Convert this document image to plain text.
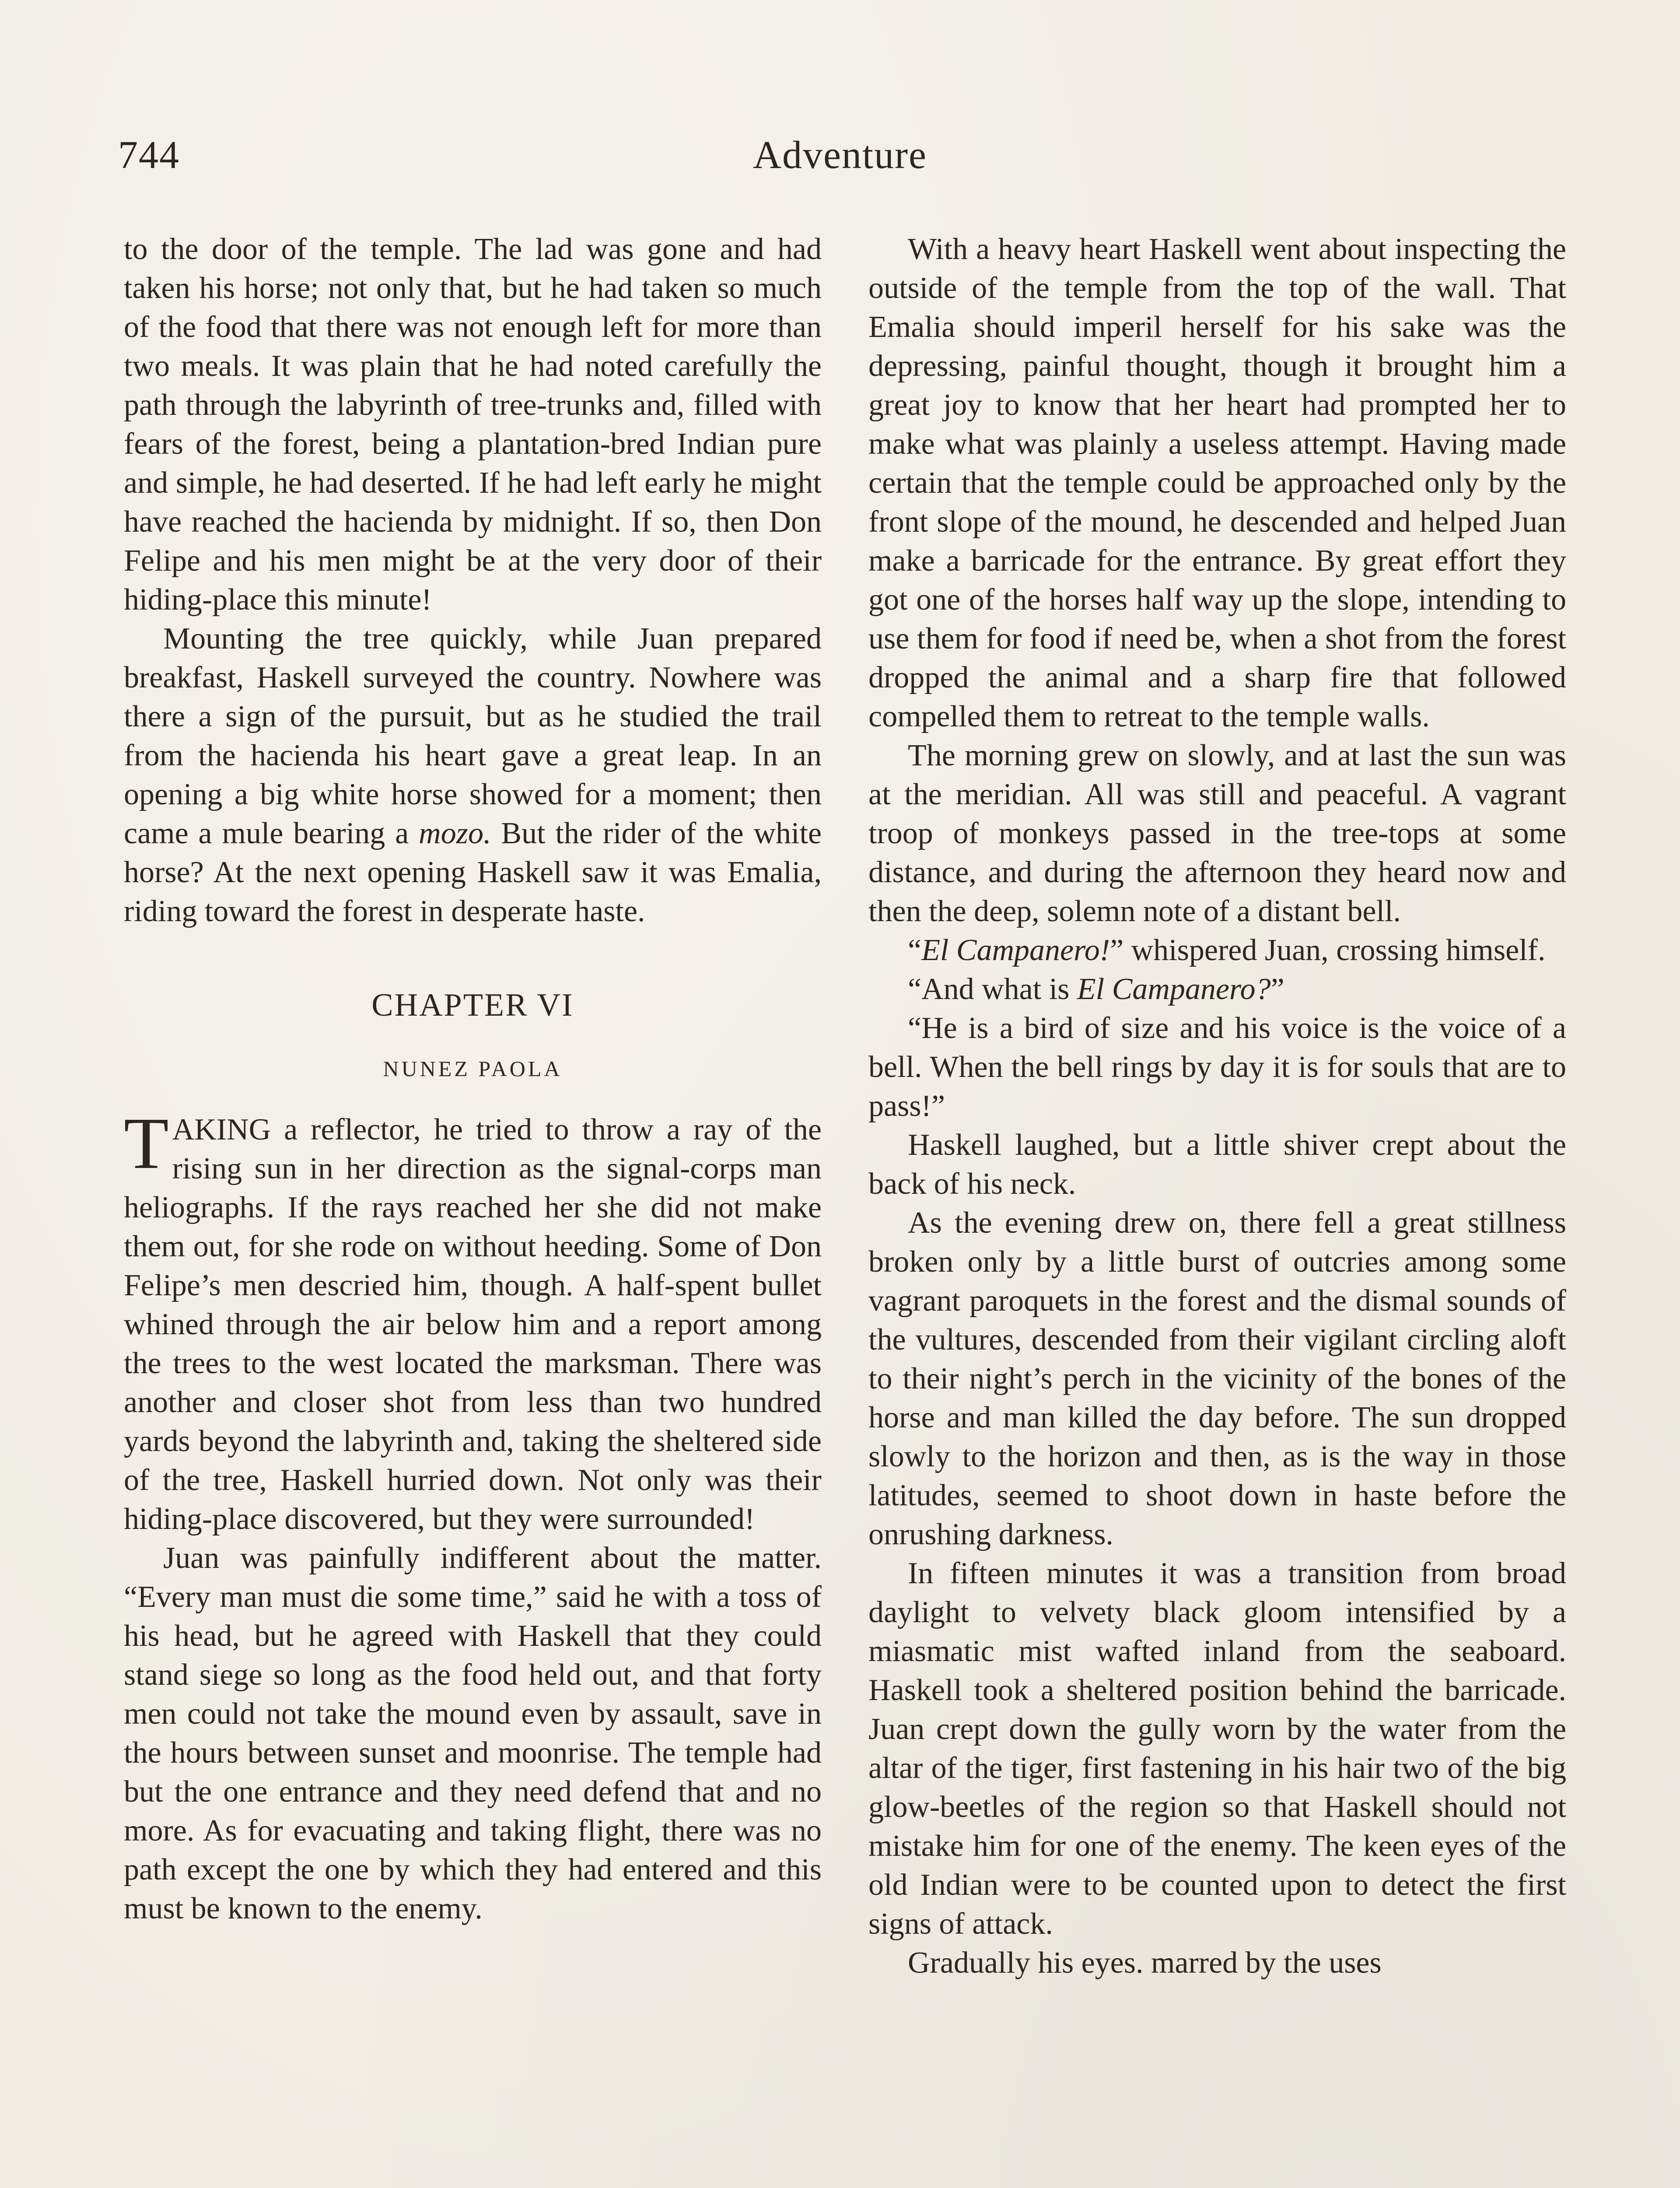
744	Adventure

to the door of the temple. The lad was gone and had taken his horse; not only that, but he had taken so much of the food that there was not enough left for more than two meals. It was plain that he had noted carefully the path through the labyrinth of tree-trunks and, filled with fears of the forest, being a plantation-bred Indian pure and simple, he had deserted. If he had left early he might have reached the hacienda by midnight. If so, then Don Felipe and his men might be at the very door of their hiding-place this minute!

Mounting the tree quickly, while Juan prepared breakfast, Haskell surveyed the country. Nowhere was there a sign of the pursuit, but as he studied the trail from the hacienda his heart gave a great leap. In an opening a big white horse showed for a moment; then came a mule bearing a mozo. But the rider of the white horse? At the next opening Haskell saw it was Emalia, riding toward the forest in desperate haste.

CHAPTER VI
NUNEZ PAOLA

TAKING a reflector, he tried to throw a ray of the rising sun in her direction as the signal-corps man heliographs. If the rays reached her she did not make them out, for she rode on without heeding. Some of Don Felipe’s men descried him, though. A half-spent bullet whined through the air below him and a report among the trees to the west located the marksman. There was another and closer shot from less than two hundred yards beyond the labyrinth and, taking the sheltered side of the tree, Haskell hurried down. Not only was their hiding-place discovered, but they were surrounded!

Juan was painfully indifferent about the matter. “Every man must die some time,” said he with a toss of his head, but he agreed with Haskell that they could stand siege so long as the food held out, and that forty men could not take the mound even by assault, save in the hours between sunset and moonrise. The temple had but the one entrance and they need defend that and no more. As for evacuating and taking flight, there was no path except the one by which they had entered and this must be known to the enemy.

With a heavy heart Haskell went about inspecting the outside of the temple from the top of the wall. That Emalia should imperil herself for his sake was the depressing, painful thought, though it brought him a great joy to know that her heart had prompted her to make what was plainly a useless attempt. Having made certain that the temple could be approached only by the front slope of the mound, he descended and helped Juan make a barricade for the entrance. By great effort they got one of the horses half way up the slope, intending to use them for food if need be, when a shot from the forest dropped the animal and a sharp fire that followed compelled them to retreat to the temple walls.

The morning grew on slowly, and at last the sun was at the meridian. All was still and peaceful. A vagrant troop of monkeys passed in the tree-tops at some distance, and during the afternoon they heard now and then the deep, solemn note of a distant bell.

“El Campanero!” whispered Juan, crossing himself.

“And what is El Campanero?”

“He is a bird of size and his voice is the voice of a bell. When the bell rings by day it is for souls that are to pass!”

Haskell laughed, but a little shiver crept about the back of his neck.

As the evening drew on, there fell a great stillness broken only by a little burst of outcries among some vagrant paroquets in the forest and the dismal sounds of the vultures, descended from their vigilant circling aloft to their night’s perch in the vicinity of the bones of the horse and man killed the day before. The sun dropped slowly to the horizon and then, as is the way in those latitudes, seemed to shoot down in haste before the onrushing darkness.

In fifteen minutes it was a transition from broad daylight to velvety black gloom intensified by a miasmatic mist wafted inland from the seaboard. Haskell took a sheltered position behind the barricade. Juan crept down the gully worn by the water from the altar of the tiger, first fastening in his hair two of the big glow-beetles of the region so that Haskell should not mistake him for one of the enemy. The keen eyes of the old Indian were to be counted upon to detect the first signs of attack.

Gradually his eyes. marred by the uses
